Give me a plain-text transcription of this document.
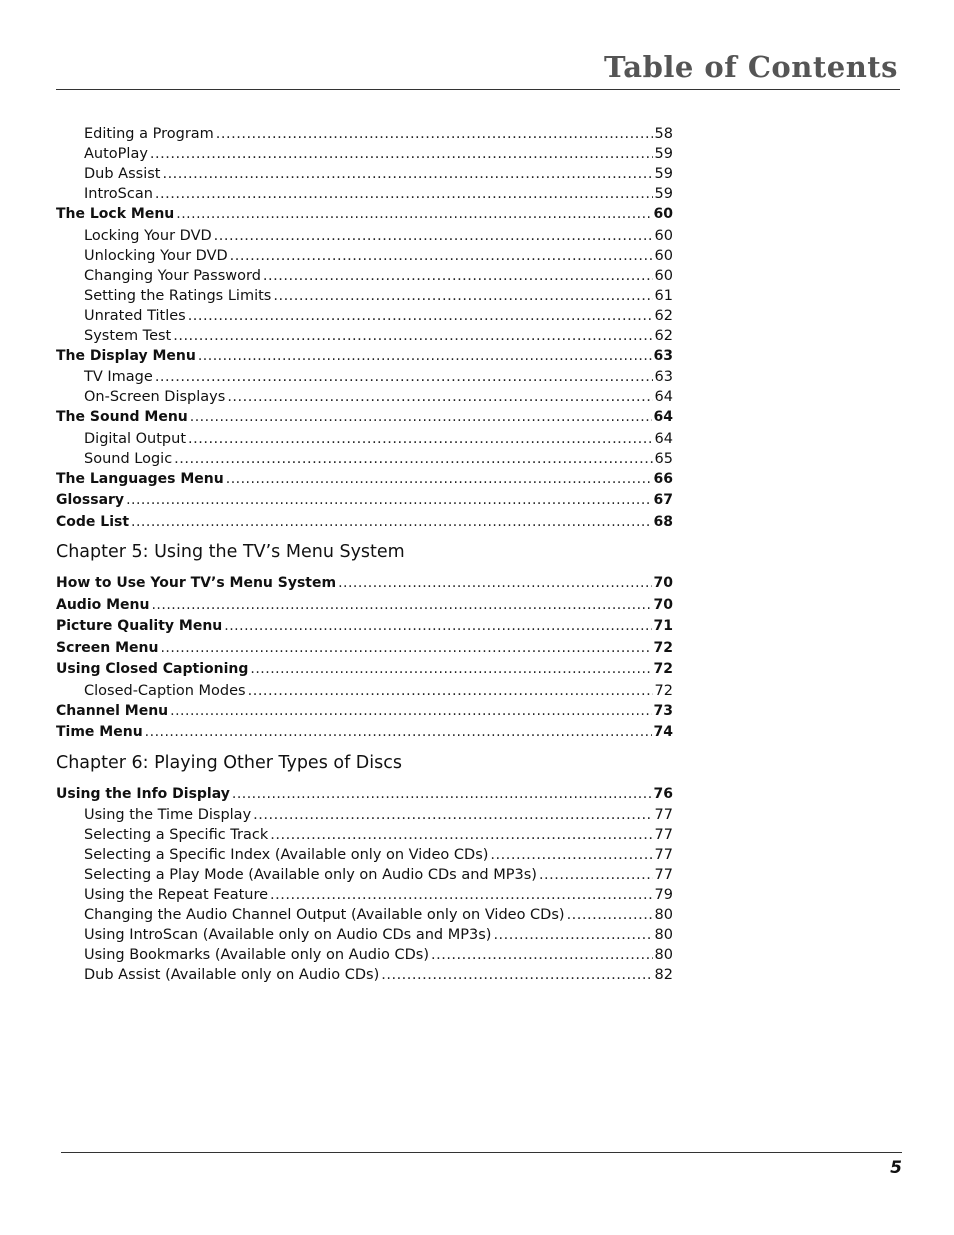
Table of Contents
Editing a Program .....	58
AutoPlay .....	59
Dub Assist .....	59
IntroScan .....	59
The Lock Menu .....	60
Locking Your DVD .....	60
Unlocking Your DVD .....	60
Changing Your Password .....	60
Setting the Ratings Limits .....	61
Unrated Titles .....	62
System Test .....	62
The Display Menu .....	63
TV Image .....	63
On-Screen Displays .....	64
The Sound Menu .....	64
Digital Output .....	64
Sound Logic .....	65
The Languages Menu .....	66
Glossary .....	67
Code List .....	68
Chapter 5: Using the TV’s Menu System
How to Use Your TV’s Menu System .....	70
Audio Menu .....	70
Picture Quality Menu .....	71
Screen Menu .....	72
Using Closed Captioning .....	72
Closed-Caption Modes .....	72
Channel Menu .....	73
Time Menu .....	74
Chapter 6: Playing Other Types of Discs
Using the Info Display .....	76
Using the Time Display .....	77
Selecting a Specific Track .....	77
Selecting a Specific Index (Available only on Video CDs) .....	77
Selecting a Play Mode (Available only on Audio CDs and MP3s) .....	77
Using the Repeat Feature .....	79
Changing the Audio Channel Output (Available only on Video CDs) .....	80
Using IntroScan (Available only on Audio CDs and MP3s) .....	80
Using Bookmarks (Available only on Audio CDs) .....	80
Dub Assist (Available only on Audio CDs) .....	82
5
